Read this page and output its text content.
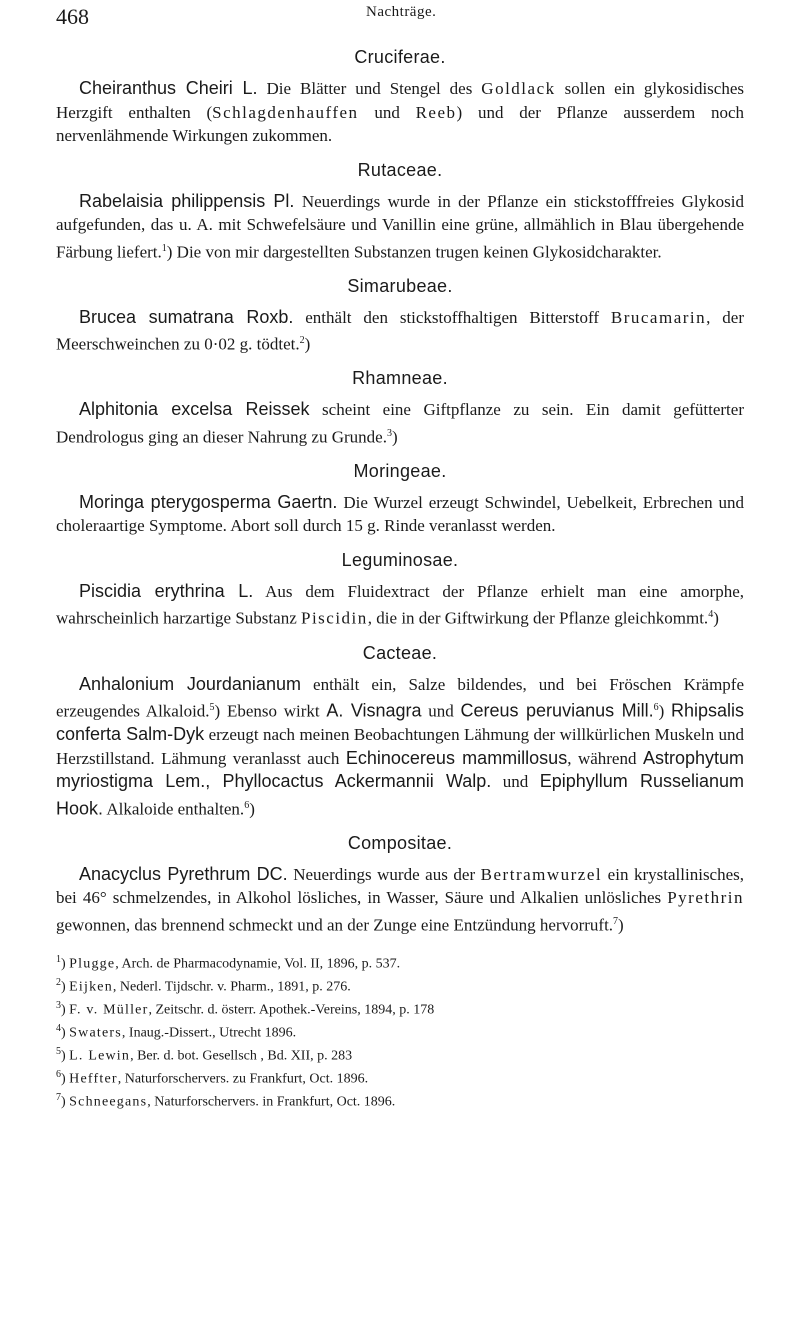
468	Nachträge.
Cruciferae.

Cheiranthus Cheiri L. Die Blätter und Stengel des Goldlack sollen ein glykosidisches Herzgift enthalten (Schlagdenhauffen und Reeb) und der Pflanze ausserdem noch nervenlähmende Wirkungen zukommen.

Rutaceae.

Rabelaisia philippensis Pl. Neuerdings wurde in der Pflanze ein stickstofffreies Glykosid aufgefunden, das u. A. mit Schwefelsäure und Vanillin eine grüne, allmählich in Blau übergehende Färbung liefert.$^1$) Die von mir dargestellten Substanzen trugen keinen Glykosidcharakter.

Simarubeae.

Brucea sumatrana Roxb. enthält den stickstoffhaltigen Bitterstoff Brucamarin, der Meerschweinchen zu 0·02 g. tödtet.$^2$)

Rhamneae.

Alphitonia excelsa Reissek scheint eine Giftpflanze zu sein. Ein damit gefütterter Dendrologus ging an dieser Nahrung zu Grunde.$^3$)

Moringeae.

Moringa pterygosperma Gaertn. Die Wurzel erzeugt Schwindel, Uebelkeit, Erbrechen und choleraartige Symptome. Abort soll durch 15 g. Rinde veranlasst werden.

Leguminosae.

Piscidia erythrina L. Aus dem Fluidextract der Pflanze erhielt man eine amorphe, wahrscheinlich harzartige Substanz Piscidin, die in der Giftwirkung der Pflanze gleichkommt.$^4$)

Cacteae.

Anhalonium Jourdanianum enthält ein, Salze bildendes, und bei Fröschen Krämpfe erzeugendes Alkaloid.$^5$) Ebenso wirkt A. Visnagra und Cereus peruvianus Mill.$^6$) Rhipsalis conferta Salm-Dyk erzeugt nach meinen Beobachtungen Lähmung der willkürlichen Muskeln und Herzstillstand. Lähmung veranlasst auch Echinocereus mammillosus, während Astrophytum myriostigma Lem., Phyllocactus Ackermannii Walp. und Epiphyllum Russelianum Hook. Alkaloide enthalten.$^6$)

Compositae.

Anacyclus Pyrethrum DC. Neuerdings wurde aus der Bertramwurzel ein krystallinisches, bei 46° schmelzendes, in Alkohol lösliches, in Wasser, Säure und Alkalien unlösliches Pyrethrin gewonnen, das brennend schmeckt und an der Zunge eine Entzündung hervorruft.$^7$)

$^1$) Plugge, Arch. de Pharmacodynamie, Vol. II, 1896, p. 537.
$^2$) Eijken, Nederl. Tijdschr. v. Pharm., 1891, p. 276.
$^3$) F. v. Müller, Zeitschr. d. österr. Apothek.-Vereins, 1894, p. 178
$^4$) Swaters, Inaug.-Dissert., Utrecht 1896.
$^5$) L. Lewin, Ber. d. bot. Gesellsch , Bd. XII, p. 283
$^6$) Heffter, Naturforschervers. zu Frankfurt, Oct. 1896.
$^7$) Schneegans, Naturforschervers. in Frankfurt, Oct. 1896.
